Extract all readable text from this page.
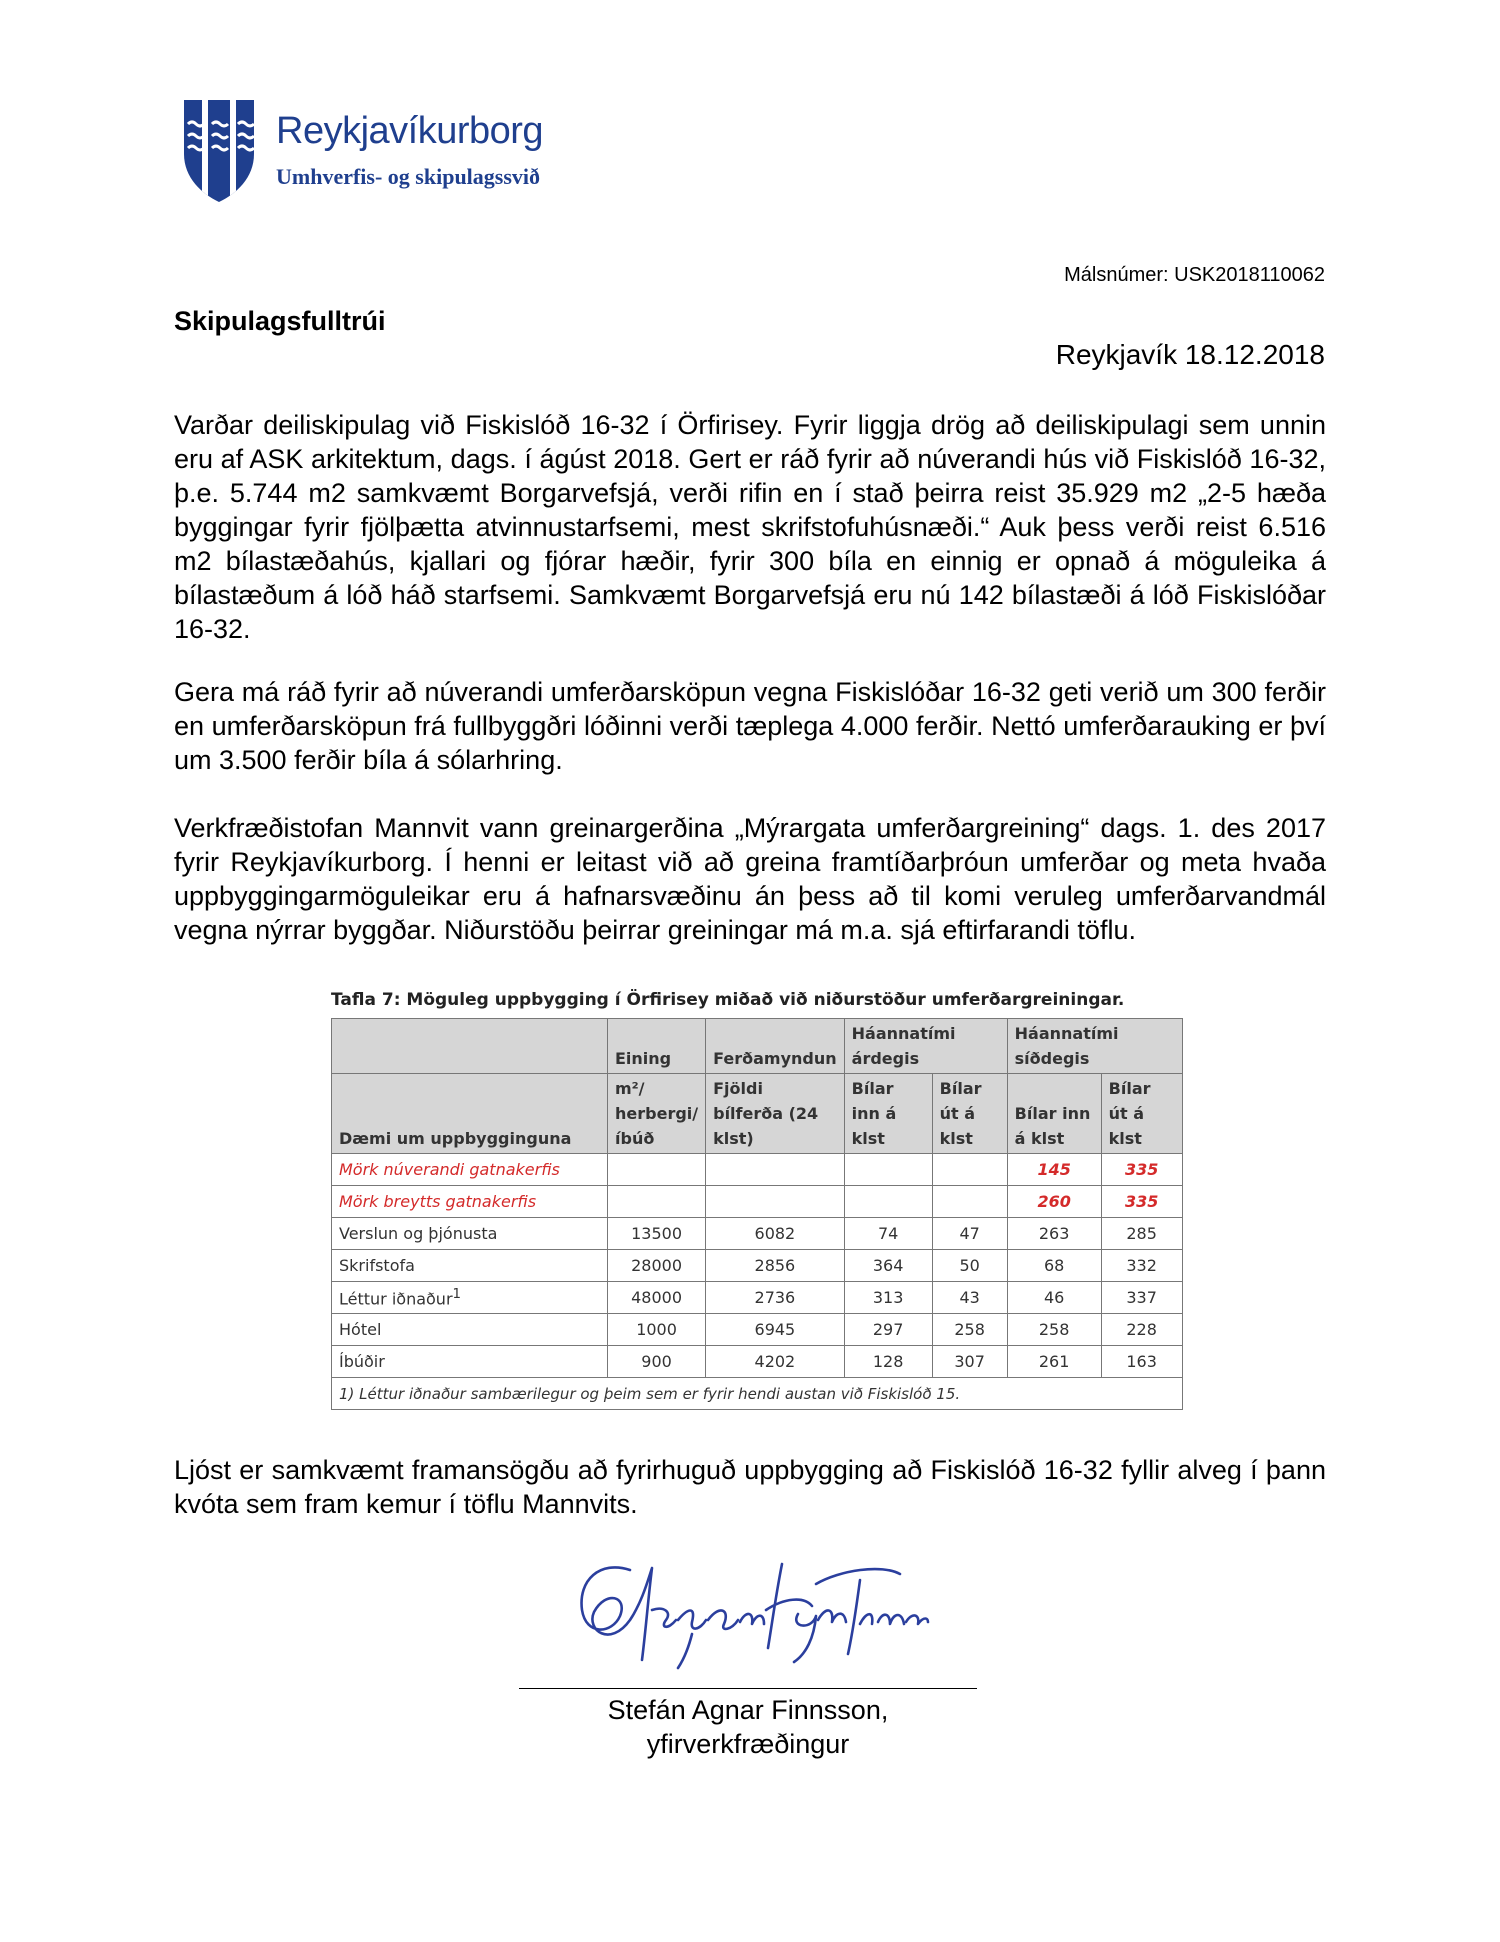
Reykjavíkurborg
Umhverfis- og skipulagssvið
Málsnúmer: USK2018110062
Skipulagsfulltrúi
Reykjavík 18.12.2018
Varðar deiliskipulag við Fiskislóð 16-32 í Örfirisey. Fyrir liggja drög að deiliskipulagi sem unnin eru af ASK arkitektum, dags. í ágúst 2018. Gert er ráð fyrir að núverandi hús við Fiskislóð 16-32, þ.e. 5.744 m2 samkvæmt Borgarvefsjá, verði rifin en í stað þeirra reist 35.929 m2 „2-5 hæða byggingar fyrir fjölþætta atvinnustarfsemi, mest skrifstofuhúsnæði.“ Auk þess verði reist 6.516 m2 bílastæðahús, kjallari og fjórar hæðir, fyrir 300 bíla en einnig er opnað á möguleika á bílastæðum á lóð háð starfsemi. Samkvæmt Borgarvefsjá eru nú 142 bílastæði á lóð Fiskislóðar 16-32.
Gera má ráð fyrir að núverandi umferðarsköpun vegna Fiskislóðar 16-32 geti verið um 300 ferðir en umferðarsköpun frá fullbyggðri lóðinni verði tæplega 4.000 ferðir. Nettó umferðarauking er því um 3.500 ferðir bíla á sólarhring.
Verkfræðistofan Mannvit vann greinargerðina „Mýrargata umferðargreining“ dags. 1. des 2017 fyrir Reykjavíkurborg. Í henni er leitast við að greina framtíðarþróun umferðar og meta hvaða uppbyggingarmöguleikar eru á hafnarsvæðinu án þess að til komi veruleg umferðarvandmál vegna nýrrar byggðar. Niðurstöðu þeirrar greiningar má m.a. sjá eftirfarandi töflu.
Tafla 7: Möguleg uppbygging í Örfirisey miðað við niðurstöður umferðargreiningar.
	Eining	Ferðamyndun	Háannatími árdegis		Háannatími síðdegis	
Dæmi um uppbygginguna	m²/ herbergi/ íbúð	Fjöldi bílferða (24 klst)	Bílar inn á klst	Bílar út á klst	Bílar inn á klst	Bílar út á klst
Mörk núverandi gatnakerfis					145	335
Mörk breytts gatnakerfis					260	335
Verslun og þjónusta	13500	6082	74	47	263	285
Skrifstofa	28000	2856	364	50	68	332
Léttur iðnaður$^1$	48000	2736	313	43	46	337
Hótel	1000	6945	297	258	258	228
Íbúðir	900	4202	128	307	261	163
1) Léttur iðnaður sambærilegur og þeim sem er fyrir hendi austan við Fiskislóð 15.						
Ljóst er samkvæmt framansögðu að fyrirhuguð uppbygging að Fiskislóð 16-32 fyllir alveg í þann kvóta sem fram kemur í töflu Mannvits.
Stefán Agnar Finnsson,
yfirverkfræðingur
